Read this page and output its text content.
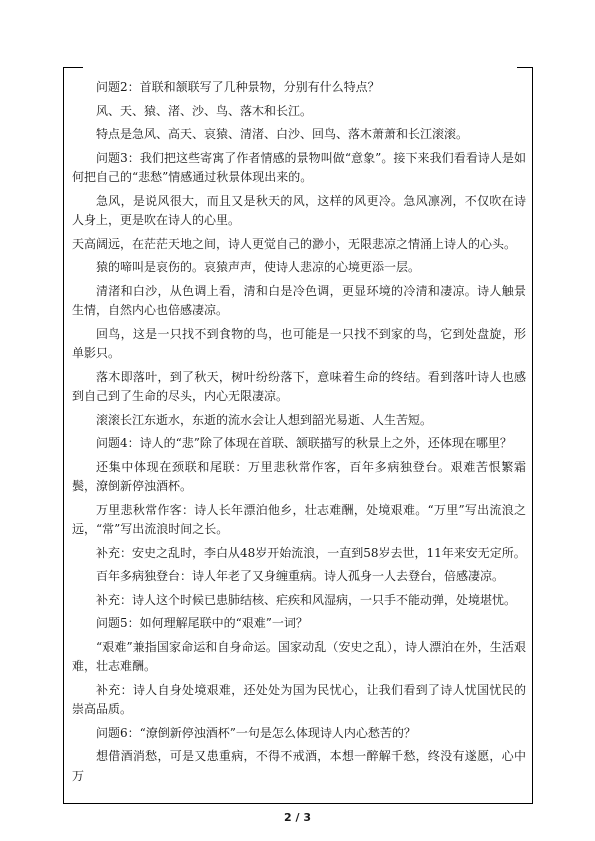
问题2：首联和颔联写了几种景物，分别有什么特点？

风、天、猿、渚、沙、鸟、落木和长江。

特点是急风、高天、哀猿、清渚、白沙、回鸟、落木萧萧和长江滚滚。

问题3：我们把这些寄寓了作者情感的景物叫做“意象”。接下来我们看看诗人是如何把自己的“悲愁”情感通过秋景体现出来的。

急风，是说风很大，而且又是秋天的风，这样的风更冷。急风凛冽，不仅吹在诗人身上，更是吹在诗人的心里。

天高阔远，在茫茫天地之间，诗人更觉自己的渺小，无限悲凉之情涌上诗人的心头。

猿的啼叫是哀伤的。哀猿声声，使诗人悲凉的心境更添一层。

清渚和白沙，从色调上看，清和白是冷色调，更显环境的冷清和凄凉。诗人触景生情，自然内心也倍感凄凉。

回鸟，这是一只找不到食物的鸟，也可能是一只找不到家的鸟，它到处盘旋，形单影只。

落木即落叶，到了秋天，树叶纷纷落下，意味着生命的终结。看到落叶诗人也感到自己到了生命的尽头，内心无限凄凉。

滚滚长江东逝水，东逝的流水会让人想到韶光易逝、人生苦短。

问题4：诗人的“悲”除了体现在首联、颔联描写的秋景上之外，还体现在哪里？

还集中体现在颈联和尾联：万里悲秋常作客，百年多病独登台。艰难苦恨繁霜鬓，潦倒新停浊酒杯。

万里悲秋常作客：诗人长年漂泊他乡，壮志难酬，处境艰难。“万里”写出流浪之远，“常”写出流浪时间之长。

补充：安史之乱时，李白从48岁开始流浪，一直到58岁去世，11年来安无定所。

百年多病独登台：诗人年老了又身缠重病。诗人孤身一人去登台，倍感凄凉。

补充：诗人这个时候已患肺结核、疟疾和风湿病，一只手不能动弹，处境堪忧。

问题5：如何理解尾联中的“艰难”一词？

“艰难”兼指国家命运和自身命运。国家动乱（安史之乱），诗人漂泊在外，生活艰难，壮志难酬。

补充：诗人自身处境艰难，还处处为国为民忧心，让我们看到了诗人忧国忧民的崇高品质。

问题6：“潦倒新停浊酒杯”一句是怎么体现诗人内心愁苦的？

想借酒消愁，可是又患重病，不得不戒酒，本想一醉解千愁，终没有遂愿，心中万

2 / 3
